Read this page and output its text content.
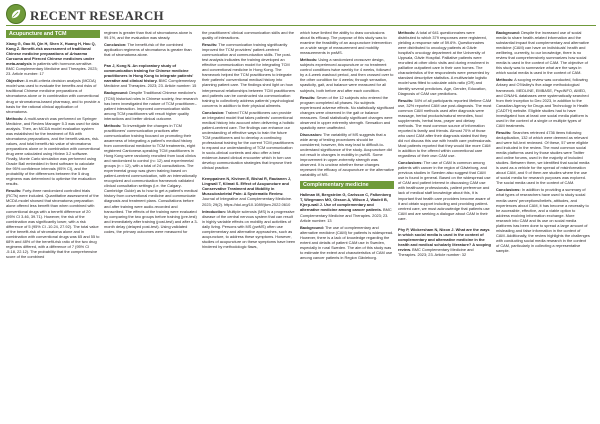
RECENT RESEARCH
Acupuncture and TCM
Xiang G, Gao M, Qin H, Shen X, Huang H, Hou Q, Kang Z. Benefit-risk assessment of traditional Chinese medicine preparations of Arisaema Curcuma and Pierced Chinese medicines under meta-analysis in patients with hormone-sensitive. BMC Complementary Medicine and Therapies. 2023; 23. Article number: 17

Objective: A multi-criteria decision analysis (MCDA) model was used to evaluate the benefits and risks of traditional Chinese medicine preparations of stromatoma alone or in combination with conventional drug or stromatoma-based pharmacy, and to provide a basis for the rational clinical application of stromatoma.

Methods: A multi-search was performed on Springer Medicine, and Review Manager 5.3 was used for data analysis. Then, an MCDA model evaluation system was established for the treatment of RA with stromatoma preparations, and the benefit-values, risk-values, and total benefit-risk value of stromatoma preparations alone or in combination with conventional drug were calculated using Hiview 3.2 software. Finally, Monte Carlo simulation was performed using Oracle Ball embedded in fixed software to calculate the 95% confidence intervals (95% CI), and the probability of the differences between the 5 drug regimens was determined to optimise the evaluation results.

Results: Forty-three randomized controlled trials (RCTs) were included. Quantitative assessment of the MCDA model showed that stromatoma preparation alone offered less benefit than when combined with conventional drugs with a benefit difference of 20 (95% CI 3.46, 39.71). However, the risk of the combination was significantly lower, with a risk difference of 5 (95% CI -10.24, 27.92). The total value of the benefit-risk of stromatoma alone and in combination with conventional drugs was 65 and 55 to 68% and 48% of the benefit-risk ratio of the two drug regimens differed, with a difference of 7 (95% CI -5.18, 22.12). The probability that the comprehensive score of the combined

regimen is greater than that of stromatoma alone is 99.1%, and the evaluation was steady.

Conclusion: The benefit-risk of the combined application regimens of stromatoma is greater than that of stromatoma alone.

Pan J, Kong N. An exploratory study of communication training for Chinese medicine practitioners in Hong Kong to integrate patients' narrative and clinical history. BMC Complementary Medicine and Therapies. 2023; 23. Article number: 15

Background: Despite Traditional Chinese medicine's (TCM) historical roles in Chinese society, few research has been investigated the nature of TCM practitioner–patient interaction. Improved communication skills among TCM practitioners will result higher quality interactions and better clinical outcome.

Methods: To investigate the changes in TCM practitioners' communication practices after communication training focused on promoting their awareness of integrating a patient's medical history from conventional medicine to TCM treatments, eight registered Cantonese-speaking TCM practitioners in Hong Kong were randomly recruited from local clinics and randomized to control (n= 12) and experimental groups (n = 12), with a total of 24 consultations. The experimental group was given training based on patient-centred communication, with an internationally recognized and communication framework validated clinical consultation settings (i.e. the Calgary-Cambridge Guide) as to how to get a patient's medical history from conventional medicine and communicate diagnosis and treatment plans. Consultations before and after training were audio-recorded and transcribed. The effects of the training were evaluated by comparing the two groups before training (pre-test) and immediately after training (post-test) and after a 3-month delay (delayed post-test). Using validated codes, the primary outcomes were measured for

the practitioners' clinical communication skills and the quality of interactions.

Results: The communication training significantly improved the TCM providers' patient-centred communication and communication skills. The post-test analysis indicates the training developed an effective communication model for integrating TCM and conventional medicine in Hong Kong. The framework helped the TCM practitioners to integrate their patients' conventional medical history into planning patient care. The findings shed light on how interpersonal relationships between TCM practitioners and patients can be constructed via communication training to collectively address patients' psychological concerns in addition to their physical ailments.

Conclusion: Trained TCM practitioners can provide an integrated model that takes patients' conventional medical history into account when delivering a holistic patient-centred care. The findings can enhance our understanding of effective ways to train the future TCM practitioners and to develop a continuing professional training for the current TCM practitioners to expand our understanding of TCM communication in socio-clinical contexts and also offer a best evidence-based clinical encounter which in turn can develop communication strategies that improve their clinical practice.

Kemppainen N, Kivinen E, Bishal R, Rautanen J, Lingwall T, Klimat S. Effect of Acupuncture and Conservative Treatment and Mobility in Musculoskeletal Pain: A Systematic Review. Journal of Integrative and Complementary Medicine. 2023; 29(2). https://doi.org/10.1089/jicm.2022.0610

Introduction: Multiple sclerosis (MS) is a progressive disease of the central nervous system that can result in highly variable effects on mobility and activities of daily living. Persons with MS (pwMS) often use complementary and alternative approaches, such as acupuncture, to address these symptoms. However, studies of acupuncture on these symptoms have been hindered by methodologic flaws,

which have limited the ability to draw conclusions about its efficacy. The purpose of this study was to examine the feasibility of an acupuncture intervention on a wide range of measurement and mobility measurements in pwMS.

Methods: Using a randomized crossover design, subjects experienced acupuncture or no treatment control conditions twice weekly for 4 weeks, followed by a 4-week washout period, and then crossed over to the other condition for 4 weeks; through sensation, spasticity, gait, and balance were measured for all subjects, both before and after each condition.

Results: Seven of the 12 subjects who entered the program completed all phases. No subjects experienced adverse effects. No statistically significant changes were observed in the gait or balance measures. Small statistically significant changes were observed in upper extremity strength. Sensation and spasticity were unaffected.

Discussion: The variability of MS suggests that a wide array of testing procedures should be considered; however, this may lead to difficult-to-understand significance of the study. Acupuncture did not result in changes in mobility in pwMS. Some improvement in upper-extremity strength was observed. It is unclear whether these changes represent the efficacy of acupuncture or the alternative variability of MS.

Complementary medicine
Hallman M, Bergström G, Carlsson C, Falkenberg T, Wiegmann MG, Olsson A, Wilson J, Wadell B, Kjerp-wall J. Use of complementary and alternative medicine among cancer patients. BMC Complementary Medicine and Therapies. 2023; 23. Article number: 13

Background: The use of complementary and alternative medicine (CAM) for patients is widespread. However, there is a lack of knowledge regarding the extent and details of patient CAM use in Sweden, especially in rural Sweden. The aim of this study was to estimate the extent and characteristics of CAM use among cancer patients in Region Gävleborg.

Methods: A total of 641 questionnaires were distributed to which 379 responses were registered, yielding a response rate of 59.6%. Questionnaires were distributed to oncology patients at Gävle hospital's oncology department at the University of Uppsala, Gävle Hospital. Palliative patients were recruited at other clinic visits and during enrolment in palliative outpatient care in their own homes. The characteristics of the respondents were presented by standard descriptive statistics. A multivariate logistic model was fitted to calculate odds ratio (OR) and identify several predictors. Age, Gender, Education, Diagnosis of CAM use predictions.

Results: 54% of all participants reported lifetime CAM use, 32% reported CAM use post-diagnosis. The most common CAM methods used after diagnosis were massage, herbal products/natural remedies, food supplements, herbal teas, prayer and dietary methods. The most common source of information reported is family and friends. Almost 70% of those who used CAM after their diagnosis stated that they did not discuss this use with health care professionals. Most patients reported that they would like more CAM in addition to the offered within conventional care regardless of their own CAM use.

Conclusions: The use of CAM is common among patients with cancer in the region of Gävleborg, and previous studies in Sweden also suggest that CAM use is found in general. Based on the widespread use of CAM and patient interest in discussing CAM use with healthcare professionals, patient preference and lack of medical staff knowledge about this, it is important that health care providers become aware of it and obtain support including and providing patient-centred care, we must acknowledge that patients use CAM and are seeking a dialogue about CAM in their care.

Phy P, Wickersham N, Nixon J. What are the ways in which social media is used in the context of complementary and alternative medicine in the health and medical scholarly literature? A scoping review. BMC Complementary Medicine and Therapies. 2023; 23. Article number: 32

Background: Despite the increased use of social media to share health-related information and the substantial impact that complementary and alternative medicine (CAM) can have on individuals' health and wellbeing, currently, to our knowledge, there is no review that comprehensively summarizes how social media is used in the context of CAM. The objective of this study was to summarize what are the ways in which social media is used in the context of CAM.

Methods: A scoping review was conducted, following Arksey and O'Malley's five-stage methodological framework. MEDLINE, EMBASE, PsycINFO, AMED, and CINAHL databases were systematically searched from their inception to Dec 2023, in addition to the Canadian Agency for Drugs and Technology in Health (CADTH) website. Eligible studies had to have investigated how at least one social media platform is used in the context of a single or multiple types of CAM treatments.

Results: Searches retrieved 4736 items following deduplication, 132 of which were deemed as relevant and were full-text reviewed. Of these, 57 were eligible and included in the review. The most common social media platforms used by those studies were Twitter and online forums, used in the majority of included studies. Between them, we identified that social media is used as a vehicle for the spread of misinformation about CAM, and 9 of them are studies where the use of social media for research purposes was explored. The social media used in the context of CAM.

Conclusions: In addition to providing a summary of what types of researchers have used to study social media users' perceptions/beliefs, attitudes, and experiences about CAM, it has become a necessity to be accessible, effective, and a viable option to address evolving information exchange. More research into CAM and its use on social media platforms has been done to spread a large amount of misleading and false information in the context of CAM. Additionally, the review highlights the challenges with conducting social media research in the context of CAM, particularly in collecting a representative sample.
